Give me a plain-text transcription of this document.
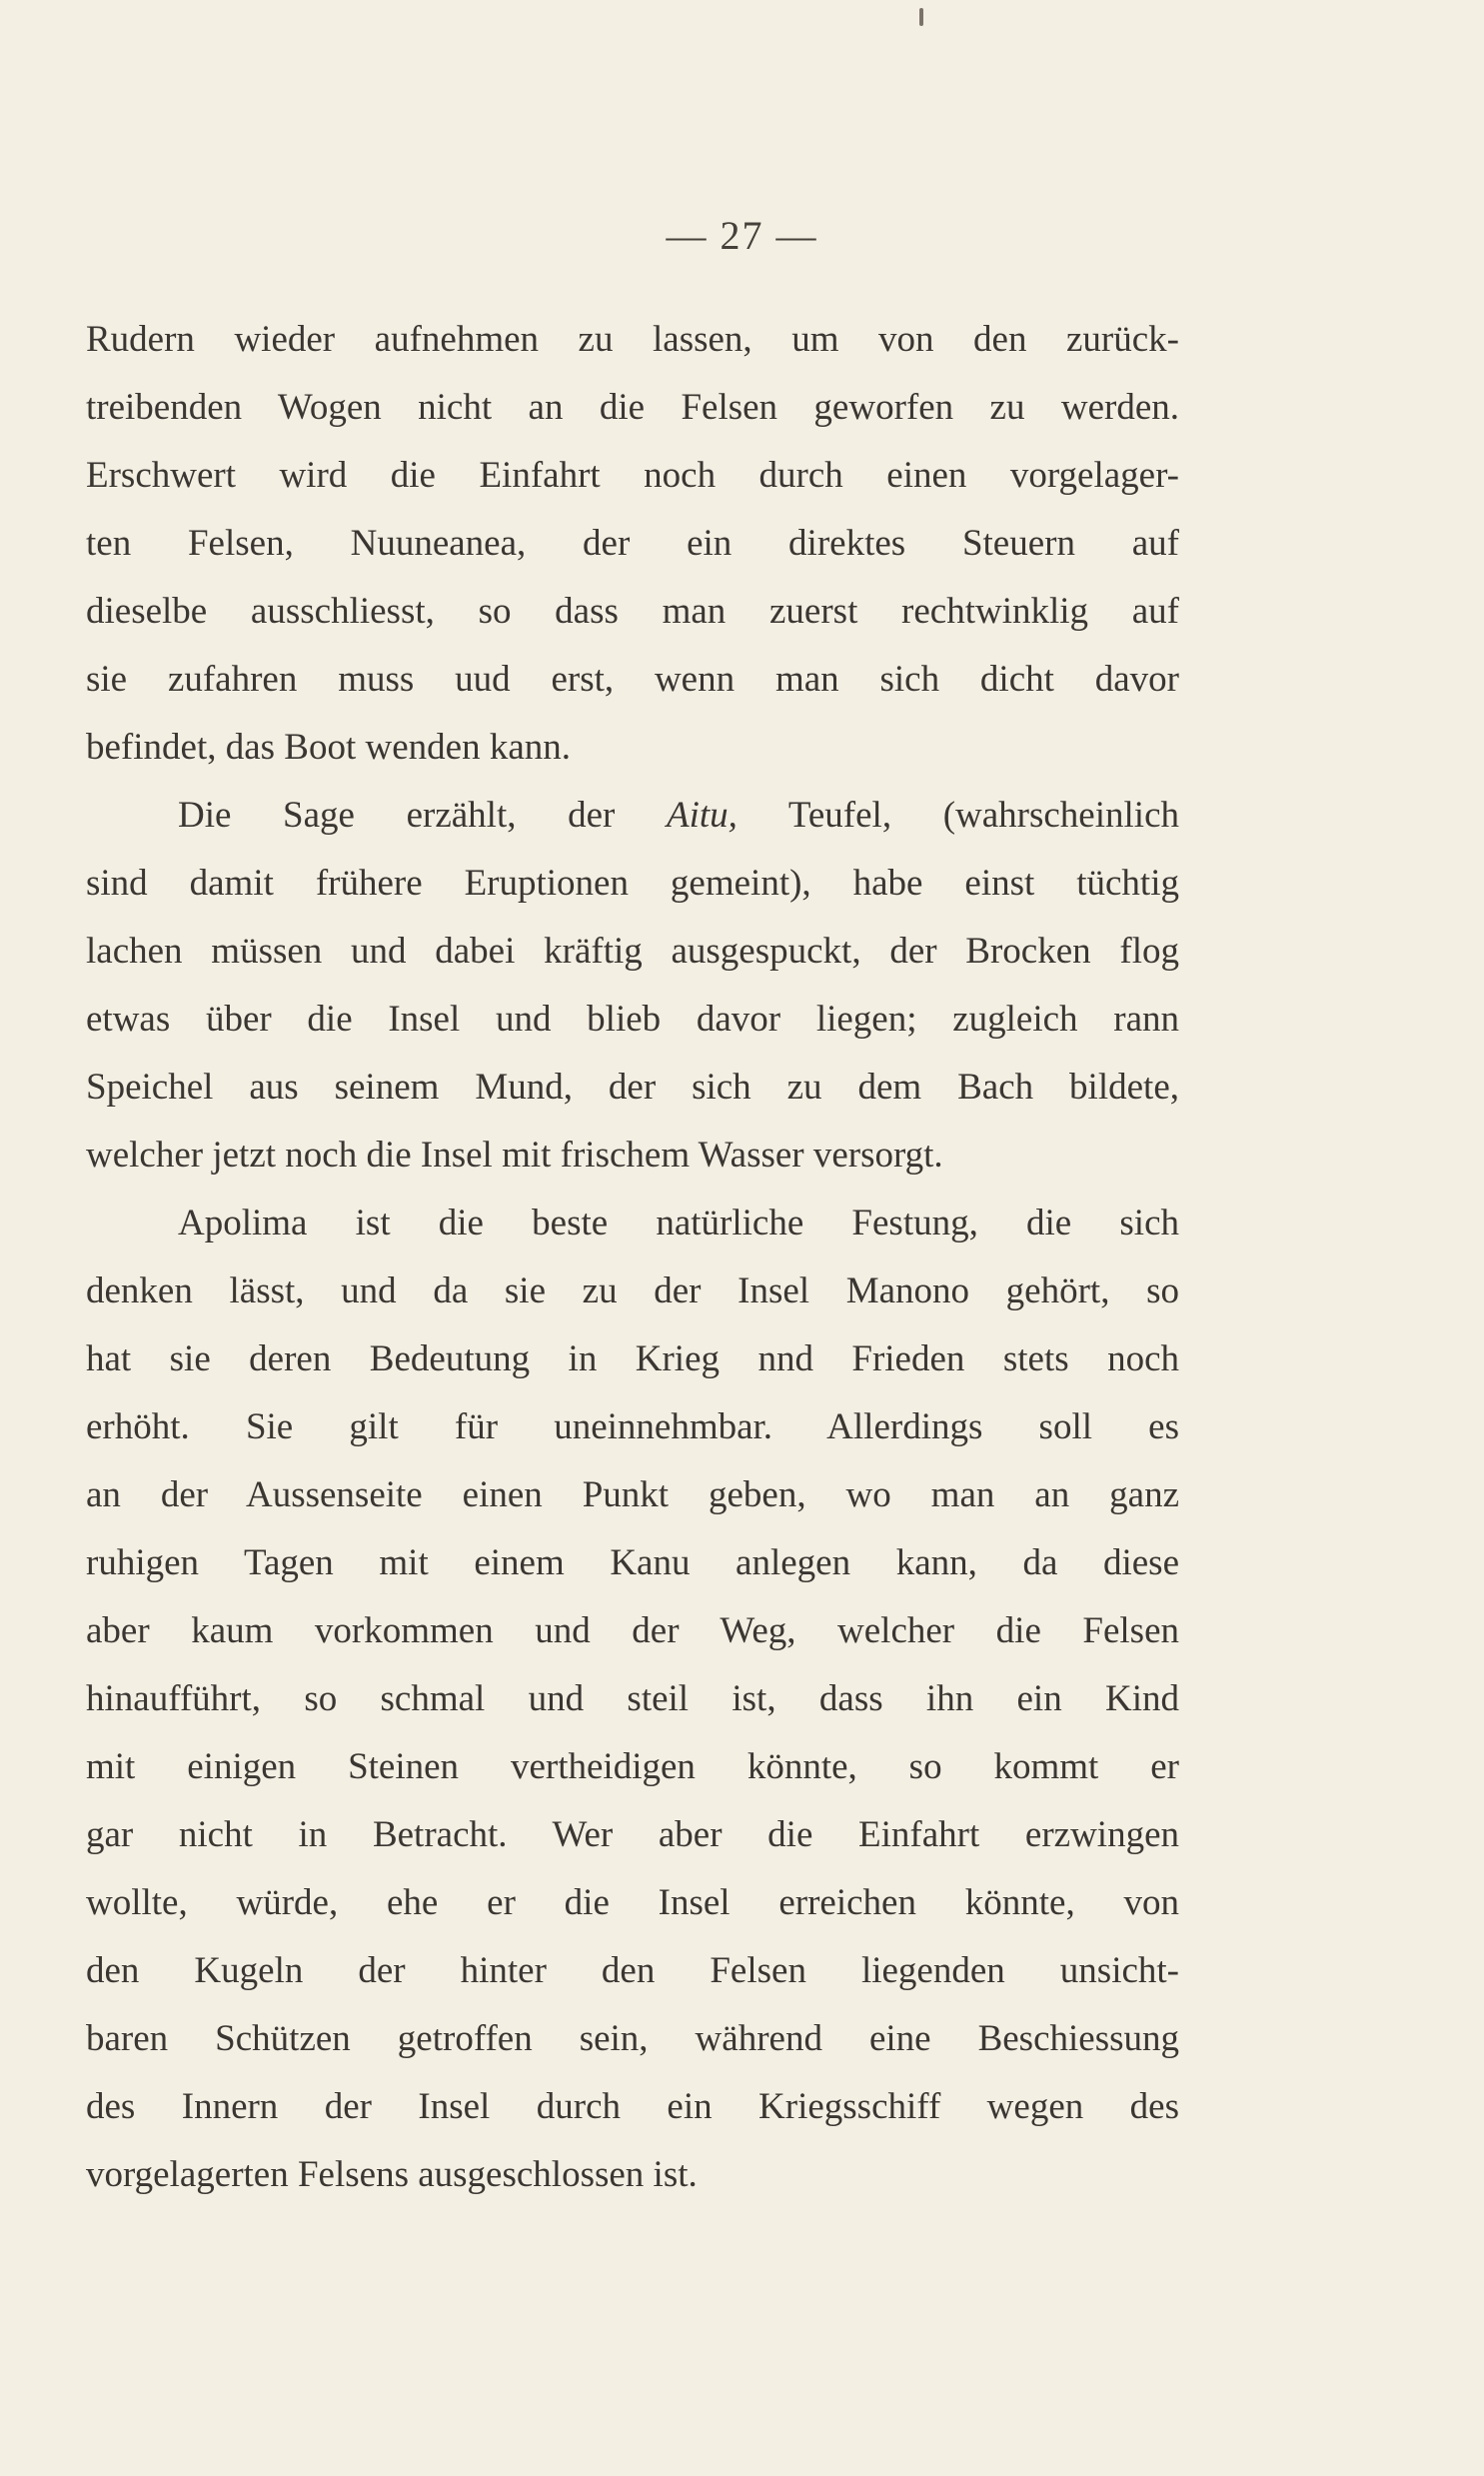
— 27 —
Rudern wieder aufnehmen zu lassen, um von den zurück-
treibenden Wogen nicht an die Felsen geworfen zu werden.
Erschwert wird die Einfahrt noch durch einen vorgelager-
ten Felsen, Nuuneanea, der ein direktes Steuern auf
dieselbe ausschliesst, so dass man zuerst rechtwinklig auf
sie zufahren muss uud erst, wenn man sich dicht davor
befindet, das Boot wenden kann.
Die Sage erzählt, der Aitu, Teufel, (wahrscheinlich
sind damit frühere Eruptionen gemeint), habe einst tüchtig
lachen müssen und dabei kräftig ausgespuckt, der Brocken flog
etwas über die Insel und blieb davor liegen; zugleich rann
Speichel aus seinem Mund, der sich zu dem Bach bildete,
welcher jetzt noch die Insel mit frischem Wasser versorgt.
Apolima ist die beste natürliche Festung, die sich
denken lässt, und da sie zu der Insel Manono gehört, so
hat sie deren Bedeutung in Krieg nnd Frieden stets noch
erhöht. Sie gilt für uneinnehmbar. Allerdings soll es
an der Aussenseite einen Punkt geben, wo man an ganz
ruhigen Tagen mit einem Kanu anlegen kann, da diese
aber kaum vorkommen und der Weg, welcher die Felsen
hinaufführt, so schmal und steil ist, dass ihn ein Kind
mit einigen Steinen vertheidigen könnte, so kommt er
gar nicht in Betracht. Wer aber die Einfahrt erzwingen
wollte, würde, ehe er die Insel erreichen könnte, von
den Kugeln der hinter den Felsen liegenden unsicht-
baren Schützen getroffen sein, während eine Beschiessung
des Innern der Insel durch ein Kriegsschiff wegen des
vorgelagerten Felsens ausgeschlossen ist.
